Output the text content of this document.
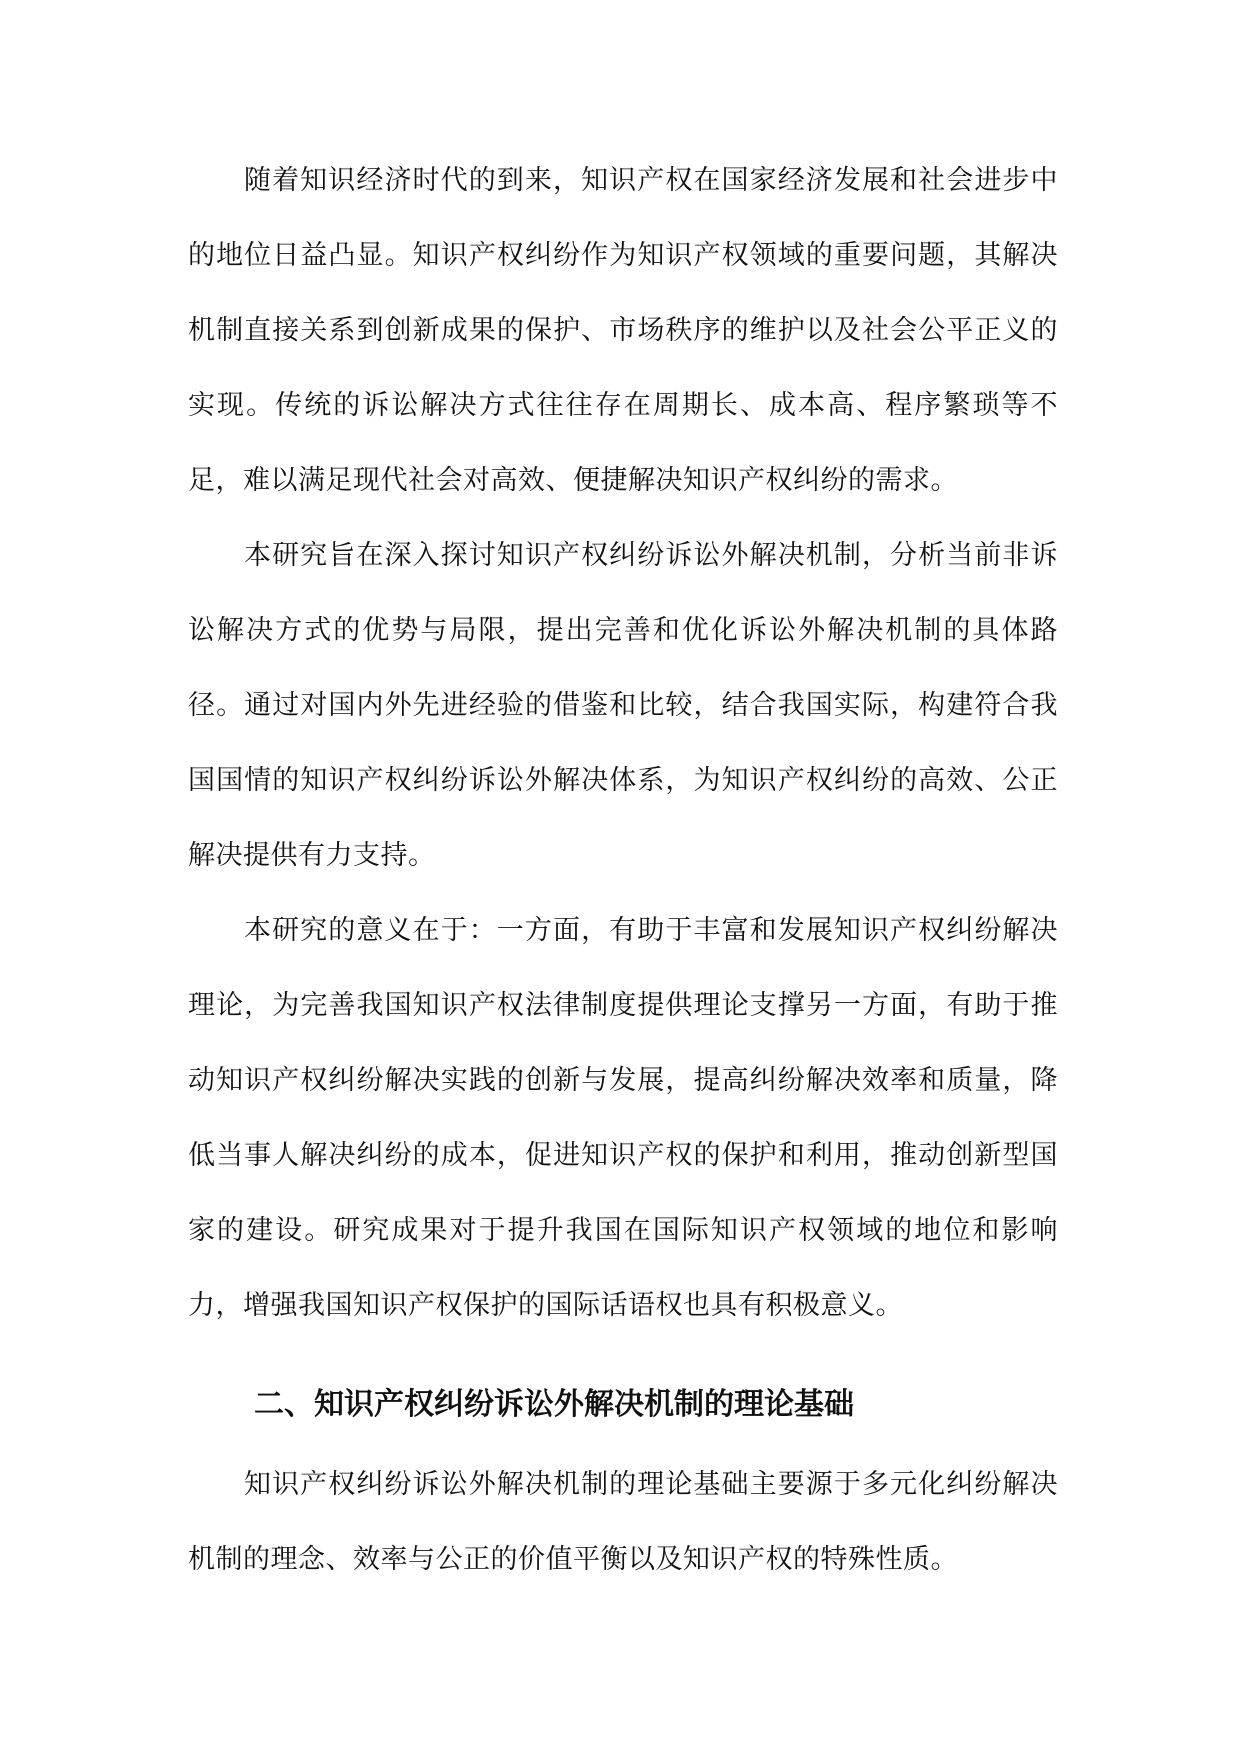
随着知识经济时代的到来，知识产权在国家经济发展和社会进步中的地位日益凸显。知识产权纠纷作为知识产权领域的重要问题，其解决机制直接关系到创新成果的保护、市场秩序的维护以及社会公平正义的实现。传统的诉讼解决方式往往存在周期长、成本高、程序繁琐等不足，难以满足现代社会对高效、便捷解决知识产权纠纷的需求。

本研究旨在深入探讨知识产权纠纷诉讼外解决机制，分析当前非诉讼解决方式的优势与局限，提出完善和优化诉讼外解决机制的具体路径。通过对国内外先进经验的借鉴和比较，结合我国实际，构建符合我国国情的知识产权纠纷诉讼外解决体系，为知识产权纠纷的高效、公正解决提供有力支持。

本研究的意义在于：一方面，有助于丰富和发展知识产权纠纷解决理论，为完善我国知识产权法律制度提供理论支撑另一方面，有助于推动知识产权纠纷解决实践的创新与发展，提高纠纷解决效率和质量，降低当事人解决纠纷的成本，促进知识产权的保护和利用，推动创新型国家的建设。研究成果对于提升我国在国际知识产权领域的地位和影响力，增强我国知识产权保护的国际话语权也具有积极意义。

二、知识产权纠纷诉讼外解决机制的理论基础

知识产权纠纷诉讼外解决机制的理论基础主要源于多元化纠纷解决机制的理念、效率与公正的价值平衡以及知识产权的特殊性质。
